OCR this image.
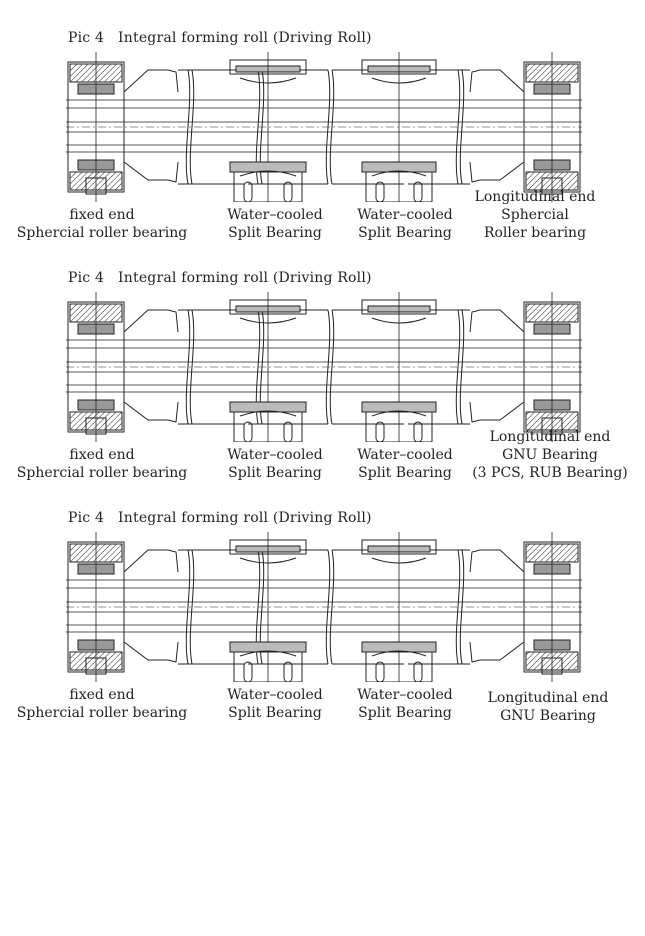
Pic 4   Integral forming roll (Driving Roll)
fixed end
Sphercial roller bearing
Water–cooled
Split Bearing
Water–cooled
Split Bearing
Longitudinal end
Sphercial
Roller bearing
Pic 4   Integral forming roll (Driving Roll)
fixed end
Sphercial roller bearing
Water–cooled
Split Bearing
Water–cooled
Split Bearing
Longitudinal end
GNU Bearing
(3 PCS, RUB Bearing)
Pic 4   Integral forming roll (Driving Roll)
fixed end
Sphercial roller bearing
Water–cooled
Split Bearing
Water–cooled
Split Bearing
Longitudinal end
GNU Bearing
